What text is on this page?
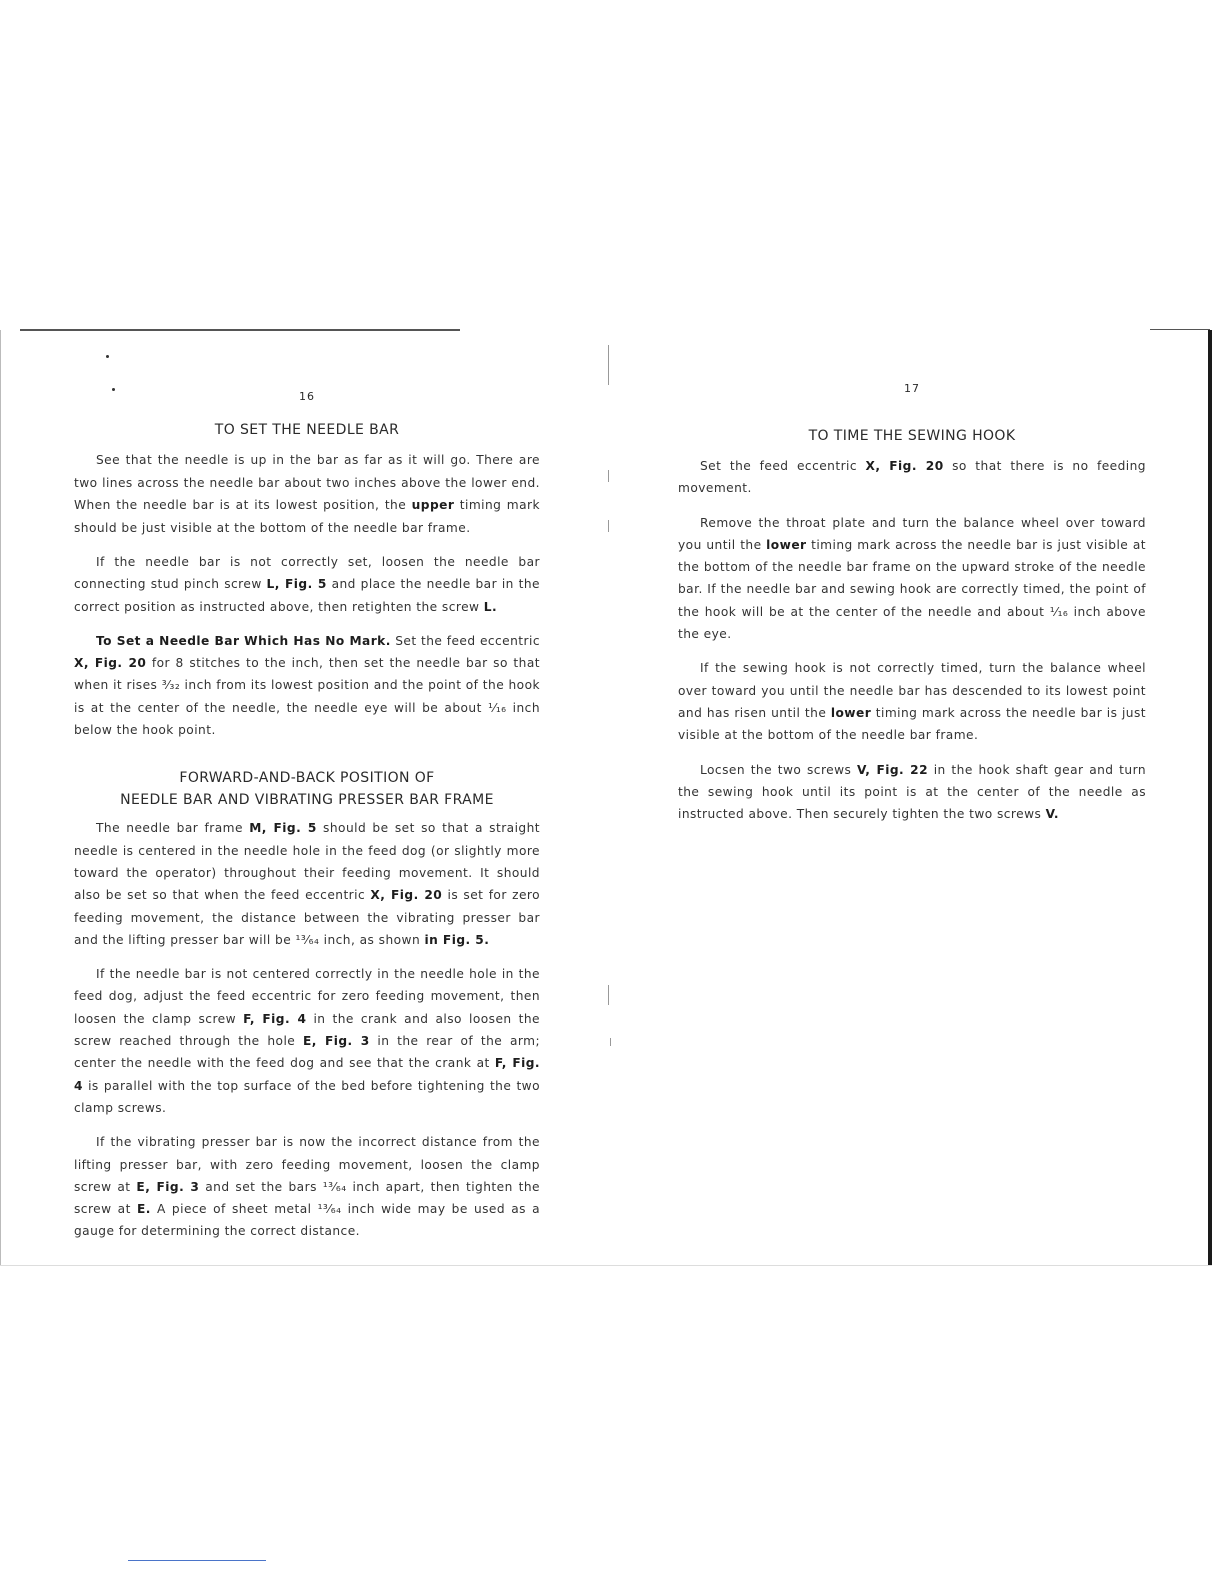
16
TO SET THE NEEDLE BAR

See that the needle is up in the bar as far as it will go. There are two lines across the needle bar about two inches above the lower end. When the needle bar is at its lowest position, the upper timing mark should be just visible at the bottom of the needle bar frame.

If the needle bar is not correctly set, loosen the needle bar connecting stud pinch screw L, Fig. 5 and place the needle bar in the correct position as instructed above, then retighten the screw L.

To Set a Needle Bar Which Has No Mark. Set the feed eccentric X, Fig. 20 for 8 stitches to the inch, then set the needle bar so that when it rises ³⁄₃₂ inch from its lowest position and the point of the hook is at the center of the needle, the needle eye will be about ¹⁄₁₆ inch below the hook point.

FORWARD-AND-BACK POSITION OF
NEEDLE BAR AND VIBRATING PRESSER BAR FRAME

The needle bar frame M, Fig. 5 should be set so that a straight needle is centered in the needle hole in the feed dog (or slightly more toward the operator) throughout their feeding movement. It should also be set so that when the feed eccentric X, Fig. 20 is set for zero feeding movement, the distance between the vibrating presser bar and the lifting presser bar will be ¹³⁄₆₄ inch, as shown in Fig. 5.

If the needle bar is not centered correctly in the needle hole in the feed dog, adjust the feed eccentric for zero feeding movement, then loosen the clamp screw F, Fig. 4 in the crank and also loosen the screw reached through the hole E, Fig. 3 in the rear of the arm; center the needle with the feed dog and see that the crank at F, Fig. 4 is parallel with the top surface of the bed before tightening the two clamp screws.

If the vibrating presser bar is now the incorrect distance from the lifting presser bar, with zero feeding movement, loosen the clamp screw at E, Fig. 3 and set the bars ¹³⁄₆₄ inch apart, then tighten the screw at E. A piece of sheet metal ¹³⁄₆₄ inch wide may be used as a gauge for determining the correct distance.

17
TO TIME THE SEWING HOOK

Set the feed eccentric X, Fig. 20 so that there is no feeding movement.

Remove the throat plate and turn the balance wheel over toward you until the lower timing mark across the needle bar is just visible at the bottom of the needle bar frame on the upward stroke of the needle bar. If the needle bar and sewing hook are correctly timed, the point of the hook will be at the center of the needle and about ¹⁄₁₆ inch above the eye.

If the sewing hook is not correctly timed, turn the balance wheel over toward you until the needle bar has descended to its lowest point and has risen until the lower timing mark across the needle bar is just visible at the bottom of the needle bar frame.

Locsen the two screws V, Fig. 22 in the hook shaft gear and turn the sewing hook until its point is at the center of the needle as instructed above. Then securely tighten the two screws V.
